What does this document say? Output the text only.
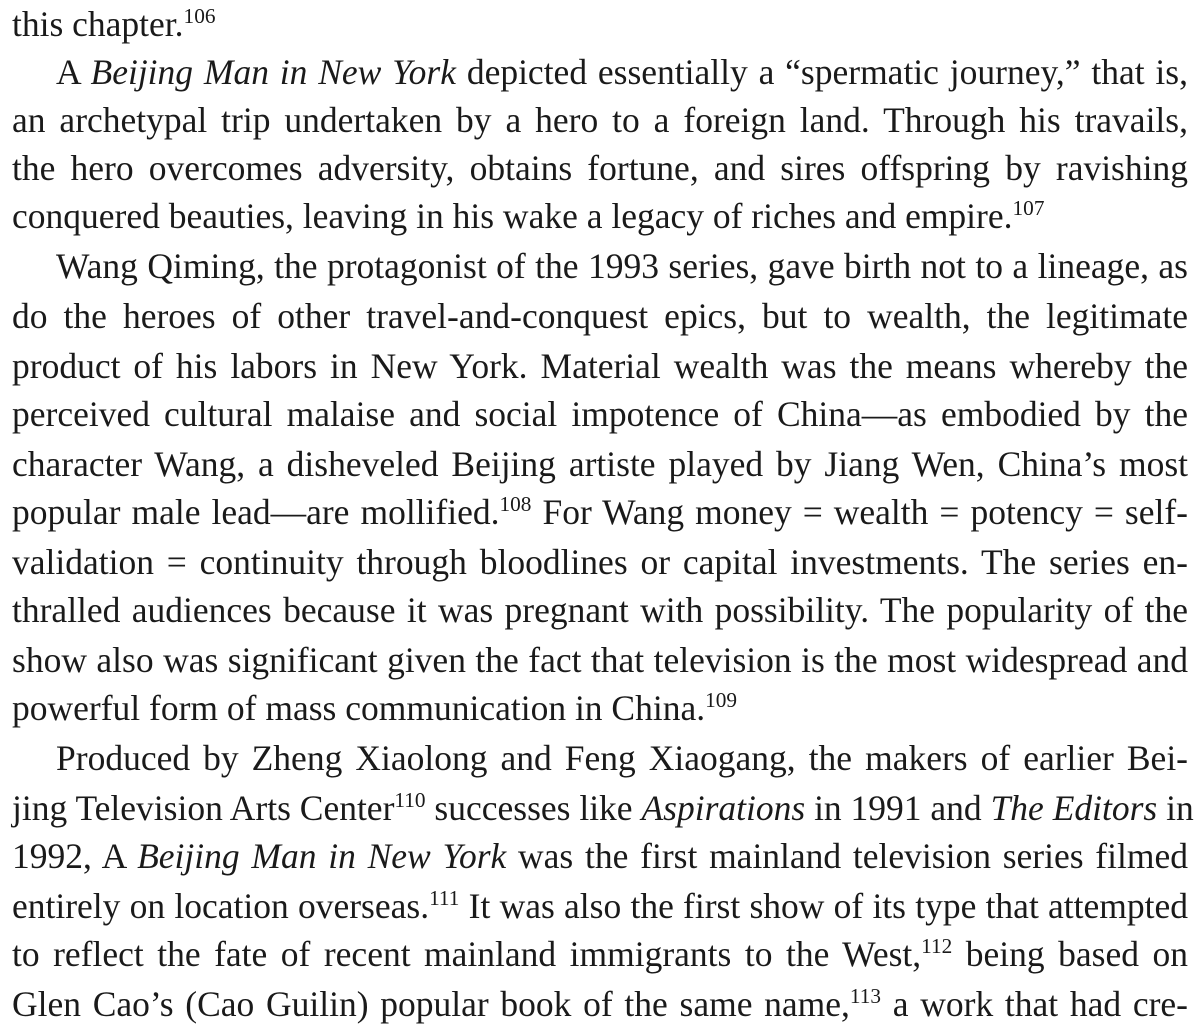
this chapter.$^{106}$
A Beijing Man in New York depicted essentially a “spermatic journey,” that is,
an archetypal trip undertaken by a hero to a foreign land. Through his travails,
the hero overcomes adversity, obtains fortune, and sires offspring by ravishing
conquered beauties, leaving in his wake a legacy of riches and empire.$^{107}$
Wang Qiming, the protagonist of the 1993 series, gave birth not to a lineage, as
do the heroes of other travel-and-conquest epics, but to wealth, the legitimate
product of his labors in New York. Material wealth was the means whereby the
perceived cultural malaise and social impotence of China—as embodied by the
character Wang, a disheveled Beijing artiste played by Jiang Wen, China’s most
popular male lead—are mollified.$^{108}$ For Wang money = wealth = potency = self-
validation = continuity through bloodlines or capital investments. The series en-
thralled audiences because it was pregnant with possibility. The popularity of the
show also was significant given the fact that television is the most widespread and
powerful form of mass communication in China.$^{109}$
Produced by Zheng Xiaolong and Feng Xiaogang, the makers of earlier Bei-
jing Television Arts Center$^{110}$ successes like Aspirations in 1991 and The Editors in
1992, A Beijing Man in New York was the first mainland television series filmed
entirely on location overseas.$^{111}$ It was also the first show of its type that attempted
to reflect the fate of recent mainland immigrants to the West,$^{112}$ being based on
Glen Cao’s (Cao Guilin) popular book of the same name,$^{113}$ a work that had cre-
